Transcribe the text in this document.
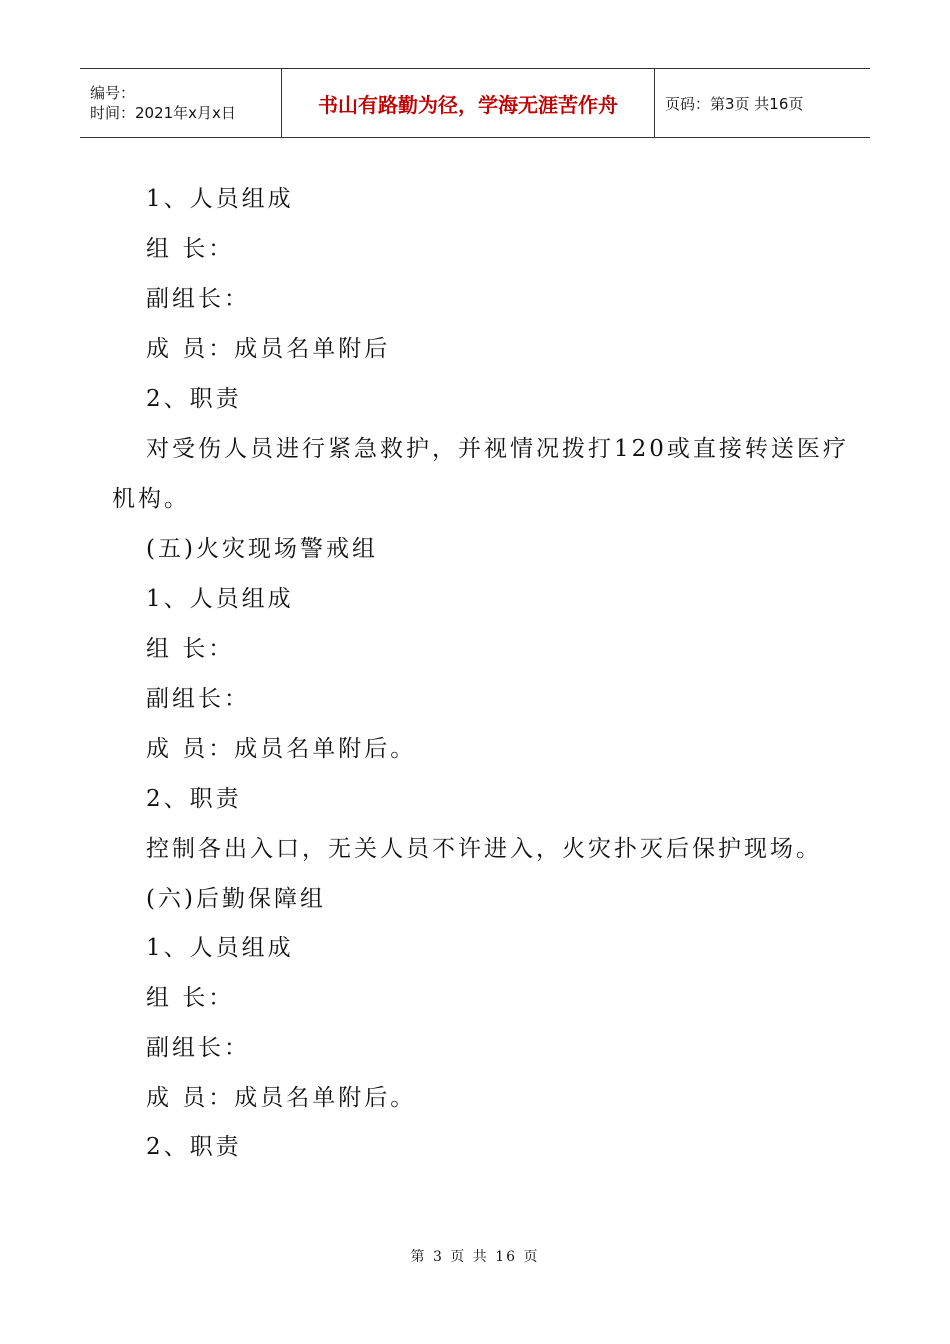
编号：
时间：2021年x月x日	书山有路勤为径，学海无涯苦作舟	页码：第3页 共16页
1、人员组成
组 长：
副组长：
成 员：成员名单附后
2、职责
对受伤人员进行紧急救护，并视情况拨打120或直接转送医疗
机构。
(五)火灾现场警戒组
1、人员组成
组 长：
副组长：
成 员：成员名单附后。
2、职责
控制各出入口，无关人员不许进入，火灾扑灭后保护现场。
(六)后勤保障组
1、人员组成
组 长：
副组长：
成 员：成员名单附后。
2、职责
第 3 页 共 16 页
